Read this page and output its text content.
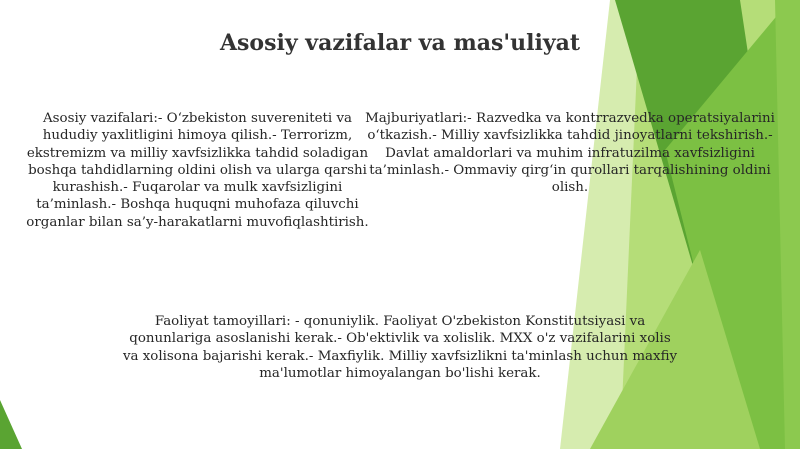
Asosiy vazifalar va mas'uliyat
Asosiy vazifalari:- O‘zbekiston suvereniteti va hududiy yaxlitligini himoya qilish.- Terrorizm, ekstremizm va milliy xavfsizlikka tahdid soladigan boshqa tahdidlarning oldini olish va ularga qarshi kurashish.- Fuqarolar va mulk xavfsizligini ta’minlash.- Boshqa huquqni muhofaza qiluvchi organlar bilan sa’y-harakatlarni muvofiqlashtirish.
Majburiyatlari:- Razvedka va kontrrazvedka operatsiyalarini o‘tkazish.- Milliy xavfsizlikka tahdid jinoyatlarni tekshirish.- Davlat amaldorlari va muhim infratuzilma xavfsizligini ta’minlash.- Ommaviy qirg‘in qurollari tarqalishining oldini olish.
Faoliyat tamoyillari: - qonuniylik. Faoliyat O'zbekiston Konstitutsiyasi va qonunlariga asoslanishi kerak.- Ob'ektivlik va xolislik. MXX o'z vazifalarini xolis va xolisona bajarishi kerak.- Maxfiylik. Milliy xavfsizlikni ta'minlash uchun maxfiy ma'lumotlar himoyalangan bo'lishi kerak.
